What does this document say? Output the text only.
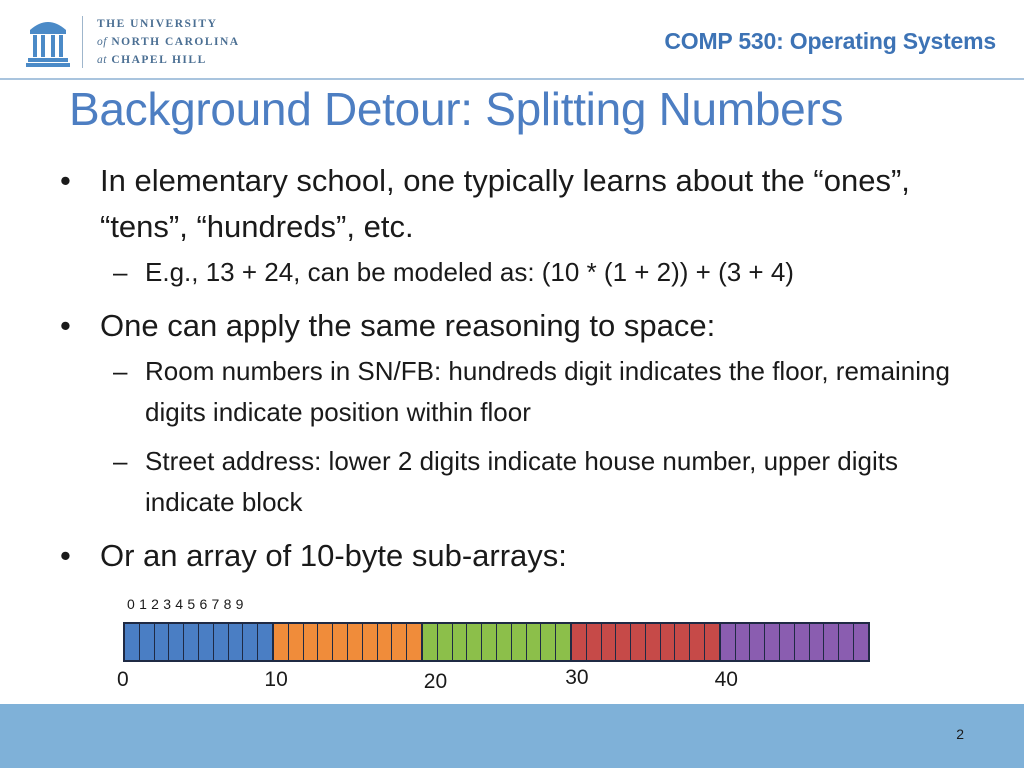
THE UNIVERSITY
of NORTH CAROLINA
at CHAPEL HILL
COMP 530: Operating Systems
Background Detour: Splitting Numbers
• In elementary school, one typically learns about the “ones”, “tens”, “hundreds”, etc.
– E.g., 13 + 24, can be modeled as: (10 * (1 + 2)) + (3 + 4)
• One can apply the same reasoning to space:
– Room numbers in SN/FB: hundreds digit indicates the floor, remaining digits indicate position within floor
– Street address: lower 2 digits indicate house number, upper digits indicate block
• Or an array of 10-byte sub-arrays:
0 1 2 3 4 5 6 7 8 9
0	10	20	30	40
2
